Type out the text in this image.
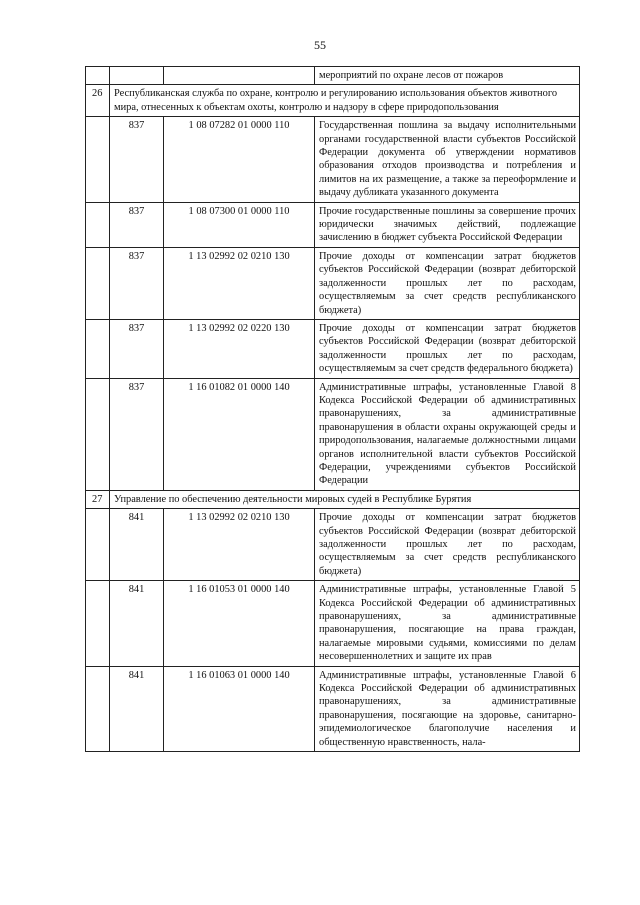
55
			мероприятий по охране лесов от пожаров
26	Республиканская служба по охране, контролю и регулированию использования объектов животного мира, отнесенных к объектам охоты, контролю и надзору в сфере природопользования		
	837	1 08 07282 01 0000 110	Государственная пошлина за выдачу исполнительными органами государственной власти субъектов Российской Федерации документа об утверждении нормативов образования отходов производства и потребления и лимитов на их размещение, а также за переоформление и выдачу дубликата указанного документа
	837	1 08 07300 01 0000 110	Прочие государственные пошлины за совершение прочих юридически значимых действий, подлежащие зачислению в бюджет субъекта Российской Федерации
	837	1 13 02992 02 0210 130	Прочие доходы от компенсации затрат бюджетов субъектов Российской Федерации (возврат дебиторской задолженности прошлых лет по расходам, осуществляемым за счет средств республиканского бюджета)
	837	1 13 02992 02 0220 130	Прочие доходы от компенсации затрат бюджетов субъектов Российской Федерации (возврат дебиторской задолженности прошлых лет по расходам, осуществляемым за счет средств федерального бюджета)
	837	1 16 01082 01 0000 140	Административные штрафы, установленные Главой 8 Кодекса Российской Федерации об административных правонарушениях, за административные правонарушения в области охраны окружающей среды и природопользования, налагаемые должностными лицами органов исполнительной власти субъектов Российской Федерации, учреждениями субъектов Российской Федерации
27	Управление по обеспечению деятельности мировых судей в Республике Бурятия		
	841	1 13 02992 02 0210 130	Прочие доходы от компенсации затрат бюджетов субъектов Российской Федерации (возврат дебиторской задолженности прошлых лет по расходам, осуществляемым за счет средств республиканского бюджета)
	841	1 16 01053 01 0000 140	Административные штрафы, установленные Главой 5 Кодекса Российской Федерации об административных правонарушениях, за административные правонарушения, посягающие на права граждан, налагаемые мировыми судьями, комиссиями по делам несовершеннолетних и защите их прав
	841	1 16 01063 01 0000 140	Административные штрафы, установленные Главой 6 Кодекса Российской Федерации об административных правонарушениях, за административные правонарушения, посягающие на здоровье, санитарно-эпидемиологическое благополучие населения и общественную нравственность, нала-
